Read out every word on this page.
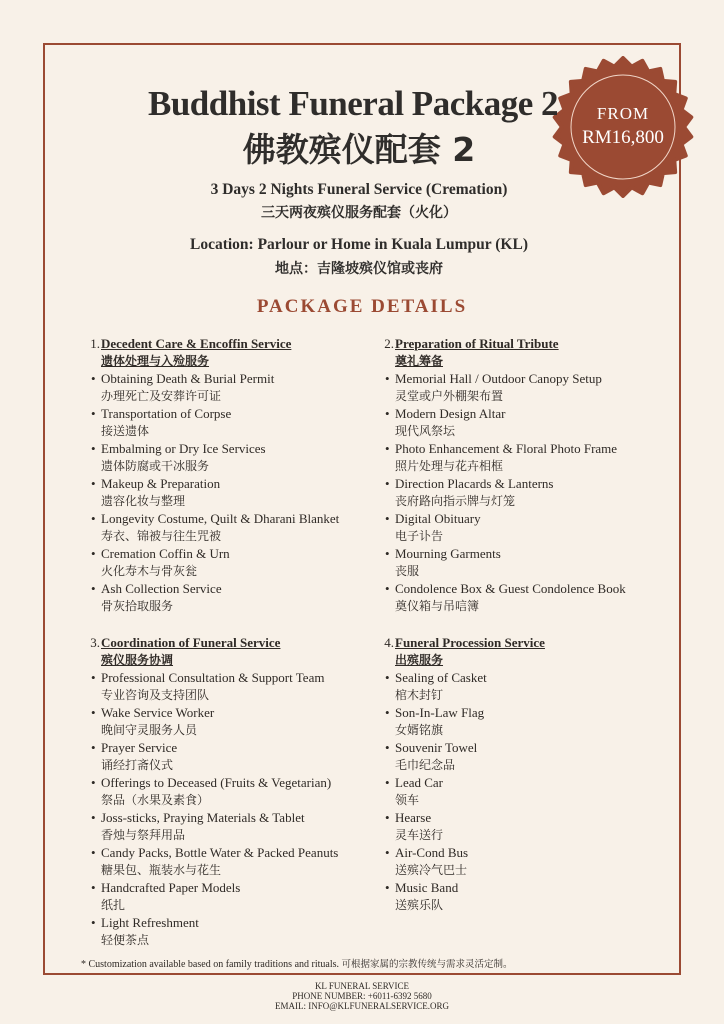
FROM
RM16,800
Buddhist Funeral Package 2
佛教殡仪配套 2
3 Days 2 Nights Funeral Service (Cremation)
三天两夜殡仪服务配套（火化）
Location: Parlour or Home in Kuala Lumpur (KL)
地点：吉隆坡殡仪馆或丧府
PACKAGE DETAILS
1. Decedent Care & Encoffin Service
遗体处理与入殓服务
• Obtaining Death & Burial Permit
办理死亡及安葬许可证
• Transportation of Corpse
接送遗体
• Embalming or Dry Ice Services
遗体防腐或干冰服务
• Makeup & Preparation
遗容化妆与整理
• Longevity Costume, Quilt & Dharani Blanket
寿衣、锦被与往生咒被
• Cremation Coffin & Urn
火化寿木与骨灰瓮
• Ash Collection Service
骨灰拾取服务
2. Preparation of Ritual Tribute
奠礼筹备
• Memorial Hall / Outdoor Canopy Setup
灵堂或户外棚架布置
• Modern Design Altar
现代风祭坛
• Photo Enhancement & Floral Photo Frame
照片处理与花卉相框
• Direction Placards & Lanterns
丧府路向指示牌与灯笼
• Digital Obituary
电子讣告
• Mourning Garments
丧服
• Condolence Box & Guest Condolence Book
奠仪箱与吊唁簿
3. Coordination of Funeral Service
殡仪服务协调
• Professional Consultation & Support Team
专业咨询及支持团队
• Wake Service Worker
晚间守灵服务人员
• Prayer Service
诵经打斋仪式
• Offerings to Deceased (Fruits & Vegetarian)
祭品（水果及素食）
• Joss-sticks, Praying Materials & Tablet
香烛与祭拜用品
• Candy Packs, Bottle Water & Packed Peanuts
糖果包、瓶装水与花生
• Handcrafted Paper Models
纸扎
• Light Refreshment
轻便茶点
4. Funeral Procession Service
出殡服务
• Sealing of Casket
棺木封钉
• Son-In-Law Flag
女婿铭旗
• Souvenir Towel
毛巾纪念品
• Lead Car
领车
• Hearse
灵车送行
• Air-Cond Bus
送殡冷气巴士
• Music Band
送殡乐队
* Customization available based on family traditions and rituals. 可根据家属的宗教传统与需求灵活定制。
KL FUNERAL SERVICE
PHONE NUMBER: +6011-6392 5680
EMAIL: INFO@KLFUNERALSERVICE.ORG
